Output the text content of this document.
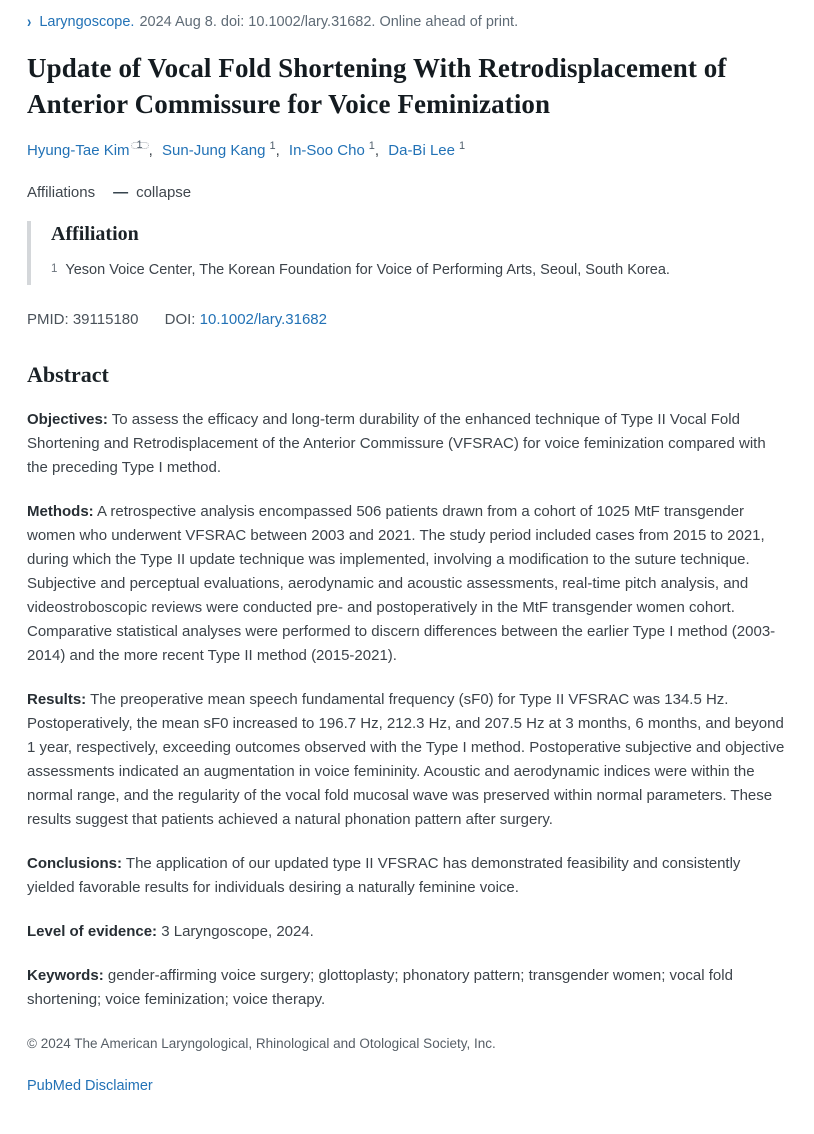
› Laryngoscope. 2024 Aug 8. doi: 10.1002/lary.31682. Online ahead of print.
Update of Vocal Fold Shortening With Retrodisplacement of Anterior Commissure for Voice Feminization
Hyung-Tae Kim $^1$ , Sun-Jung Kang $^1$, In-Soo Cho $^1$, Da-Bi Lee $^1$
Affiliations — collapse
Affiliation
1 Yeson Voice Center, The Korean Foundation for Voice of Performing Arts, Seoul, South Korea.
PMID: 39115180 DOI: 10.1002/lary.31682
Abstract

Objectives: To assess the efficacy and long-term durability of the enhanced technique of Type II Vocal Fold Shortening and Retrodisplacement of the Anterior Commissure (VFSRAC) for voice feminization compared with the preceding Type I method.

Methods: A retrospective analysis encompassed 506 patients drawn from a cohort of 1025 MtF transgender women who underwent VFSRAC between 2003 and 2021. The study period included cases from 2015 to 2021, during which the Type II update technique was implemented, involving a modification to the suture technique. Subjective and perceptual evaluations, aerodynamic and acoustic assessments, real-time pitch analysis, and videostroboscopic reviews were conducted pre- and postoperatively in the MtF transgender women cohort. Comparative statistical analyses were performed to discern differences between the earlier Type I method (2003-2014) and the more recent Type II method (2015-2021).

Results: The preoperative mean speech fundamental frequency (sF0) for Type II VFSRAC was 134.5 Hz. Postoperatively, the mean sF0 increased to 196.7 Hz, 212.3 Hz, and 207.5 Hz at 3 months, 6 months, and beyond 1 year, respectively, exceeding outcomes observed with the Type I method. Postoperative subjective and objective assessments indicated an augmentation in voice femininity. Acoustic and aerodynamic indices were within the normal range, and the regularity of the vocal fold mucosal wave was preserved within normal parameters. These results suggest that patients achieved a natural phonation pattern after surgery.

Conclusions: The application of our updated type II VFSRAC has demonstrated feasibility and consistently yielded favorable results for individuals desiring a naturally feminine voice.

Level of evidence: 3 Laryngoscope, 2024.

Keywords: gender-affirming voice surgery; glottoplasty; phonatory pattern; transgender women; vocal fold shortening; voice feminization; voice therapy.

© 2024 The American Laryngological, Rhinological and Otological Society, Inc.
PubMed Disclaimer
